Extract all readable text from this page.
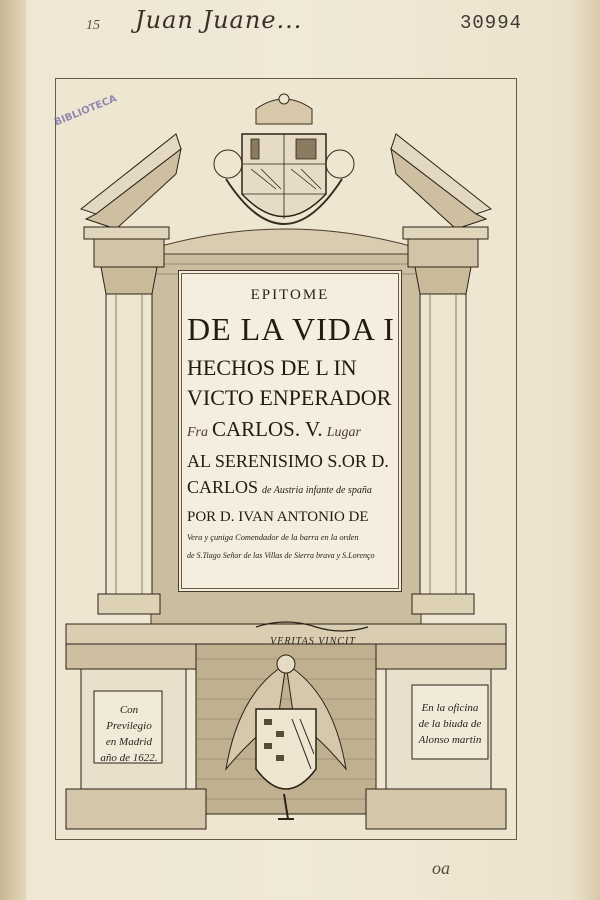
15 Juan Juane...	30994
BIBLIOTECA
EPITOME
DE LA VIDA I
HECHOS DE L IN
VICTO ENPERADOR
Fra CARLOS. V. Lugar
AL SERENISIMO S.OR D.
CARLOS de Austria infante de spaña
POR D. IVAN ANTONIO DE
Vera y çuniga Comendador de la barra en la orden
de S.Tiago Señor de las Villas de Sierra brava y S.Lorenço
VERITAS VINCIT
Con Previlegio
en Madrid
año de 1622.
En la oficina
de la biuda de
Alonso martin
oa
